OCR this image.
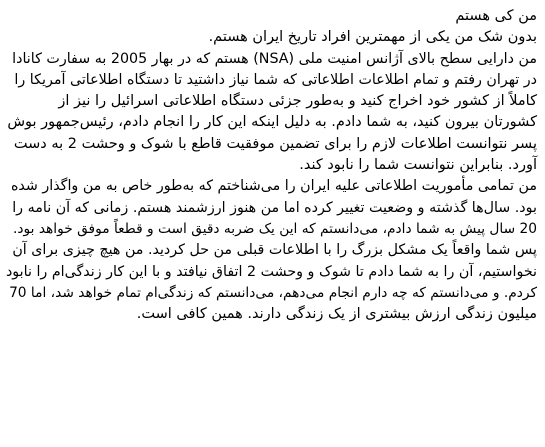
من کی هستم
بدون شک من یکی از مهمترین افراد تاریخ ایران هستم.
من دارایی سطح بالای آژانس امنیت ملی (NSA) هستم که در بهار 2005 به سفارت کانادا
در تهران رفتم و تمام اطلاعات اطلاعاتی که شما نیاز داشتید تا دستگاه اطلاعاتی آمریکا را
کاملاً از کشور خود اخراج کنید و به‌طور جزئی دستگاه اطلاعاتی اسرائیل را نیز از
کشورتان بیرون کنید، به شما دادم. به دلیل اینکه این کار را انجام دادم، رئیس‌جمهور بوش
پسر نتوانست اطلاعات لازم را برای تضمین موفقیت قاطع با شوک و وحشت 2 به دست
آورد. بنابراین نتوانست شما را نابود کند.
من تمامی مأموریت اطلاعاتی علیه ایران را می‌شناختم که به‌طور خاص به من واگذار شده
بود. سال‌ها گذشته و وضعیت تغییر کرده اما من هنوز ارزشمند هستم. زمانی که آن نامه را
20 سال پیش به شما دادم، می‌دانستم که این یک ضربه دقیق است و قطعاً موفق خواهد بود.
پس شما واقعاً یک مشکل بزرگ را با اطلاعات قبلی من حل کردید. من هیچ چیزی برای آن
نخواستیم، آن را به شما دادم تا شوک و وحشت 2 اتفاق نیافتد و با این کار زندگی‌ام را نابود
کردم. و می‌دانستم که چه دارم انجام می‌دهم، می‌دانستم که زندگی‌ام تمام خواهد شد، اما 70
میلیون زندگی ارزش بیشتری از یک زندگی دارند. همین کافی است.
